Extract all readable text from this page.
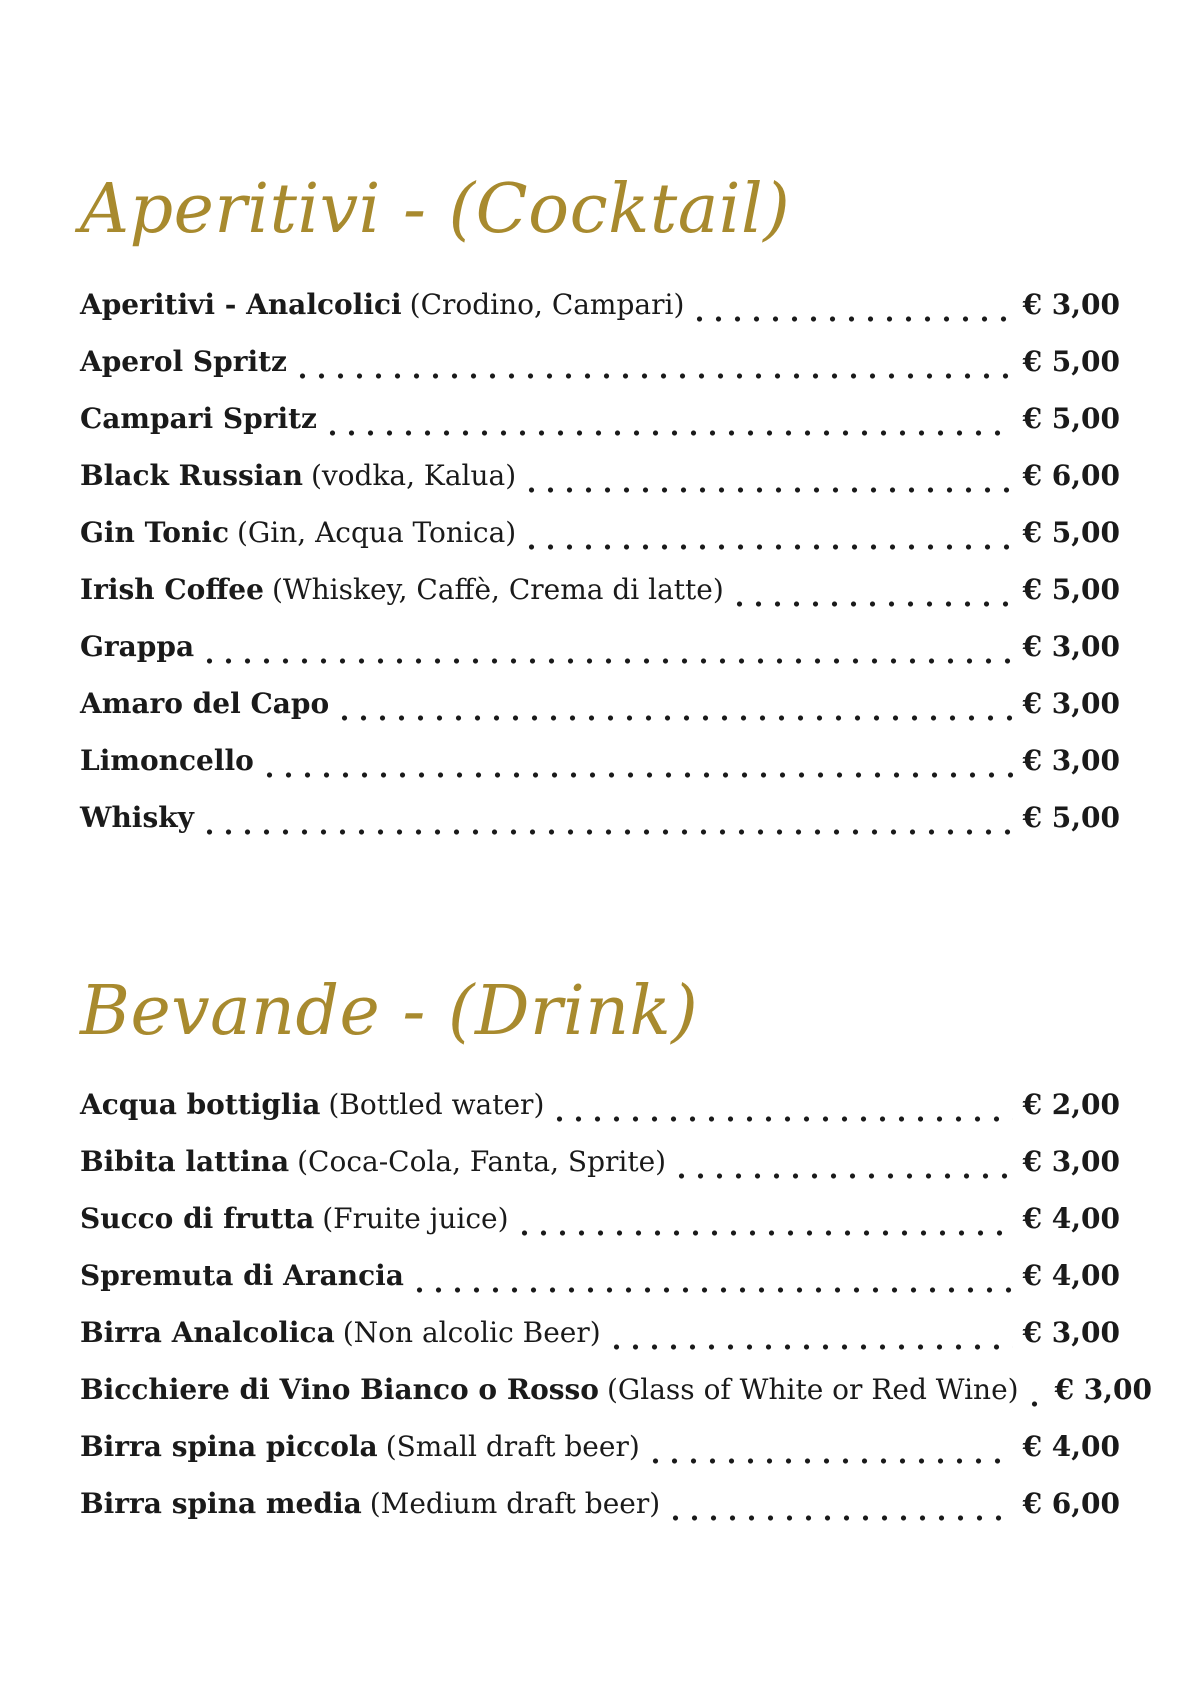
Aperitivi - (Cocktail)
Aperitivi - Analcolici (Crodino, Campari)	€ 3,00
Aperol Spritz	€ 5,00
Campari Spritz	€ 5,00
Black Russian (vodka, Kalua)	€ 6,00
Gin Tonic (Gin, Acqua Tonica)	€ 5,00
Irish Coffee (Whiskey, Caffè, Crema di latte)	€ 5,00
Grappa	€ 3,00
Amaro del Capo	€ 3,00
Limoncello	€ 3,00
Whisky	€ 5,00
Bevande - (Drink)
Acqua bottiglia (Bottled water)	€ 2,00
Bibita lattina (Coca-Cola, Fanta, Sprite)	€ 3,00
Succo di frutta (Fruite juice)	€ 4,00
Spremuta di Arancia	€ 4,00
Birra Analcolica (Non alcolic Beer)	€ 3,00
Bicchiere di Vino Bianco o Rosso (Glass of White or Red Wine) € 3,00
Birra spina piccola (Small draft beer)	€ 4,00
Birra spina media (Medium draft beer)	€ 6,00
